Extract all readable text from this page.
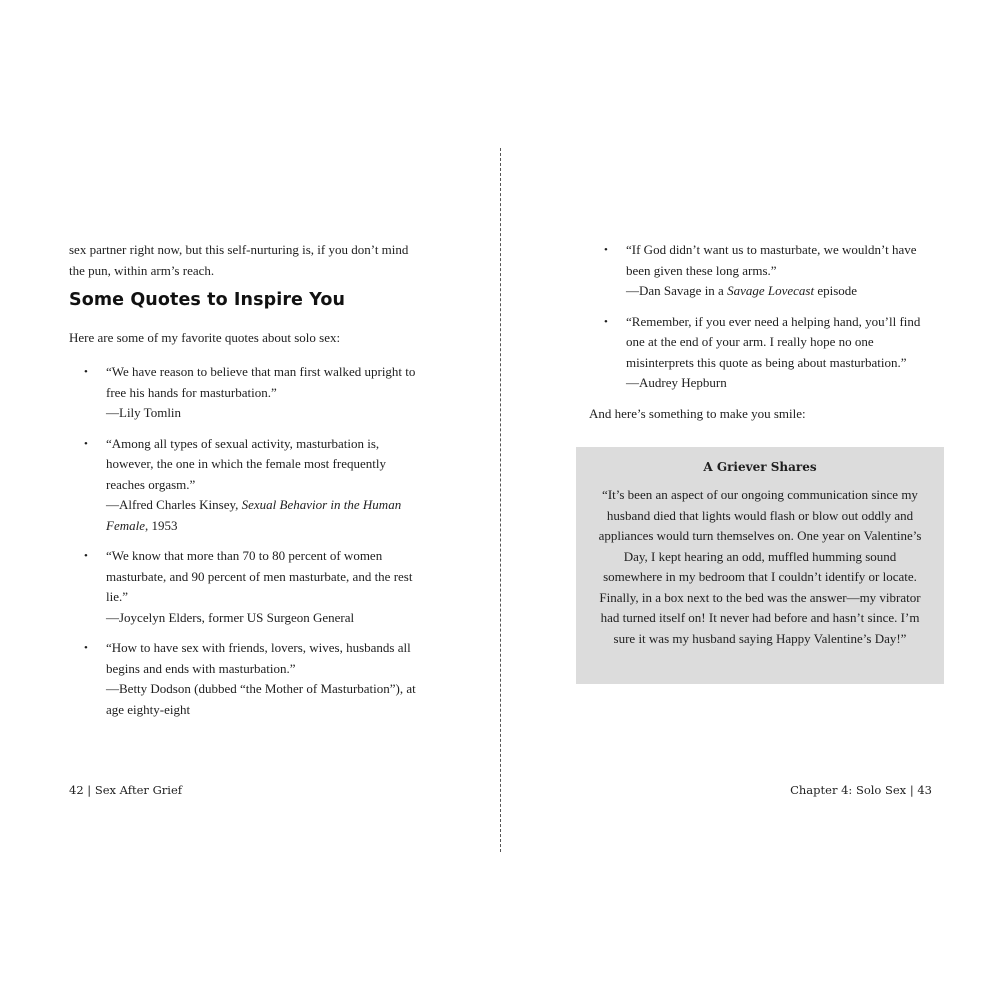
sex partner right now, but this self-nurturing is, if you don’t mind the pun, within arm’s reach.

Some Quotes to Inspire You

Here are some of my favorite quotes about solo sex:

• “We have reason to believe that man first walked upright to free his hands for masturbation.”
—Lily Tomlin
• “Among all types of sexual activity, masturbation is, however, the one in which the female most frequently reaches orgasm.”
—Alfred Charles Kinsey, Sexual Behavior in the Human Female, 1953
• “We know that more than 70 to 80 percent of women masturbate, and 90 percent of men masturbate, and the rest lie.”
—Joycelyn Elders, former US Surgeon General
• “How to have sex with friends, lovers, wives, husbands all begins and ends with masturbation.”
—Betty Dodson (dubbed “the Mother of Masturbation”), at age eighty-eight
42 | Sex After Grief
• “If God didn’t want us to masturbate, we wouldn’t have been given these long arms.”
—Dan Savage in a Savage Lovecast episode
• “Remember, if you ever need a helping hand, you’ll find one at the end of your arm. I really hope no one misinterprets this quote as being about masturbation.”
—Audrey Hepburn

And here’s something to make you smile:

Chapter 4: Solo Sex | 43

A Griever Shares

“It’s been an aspect of our ongoing communication since my husband died that lights would flash or blow out oddly and appliances would turn themselves on. One year on Valentine’s Day, I kept hearing an odd, muffled humming sound somewhere in my bedroom that I couldn’t identify or locate. Finally, in a box next to the bed was the answer—my vibrator had turned itself on! It never had before and hasn’t since. I’m sure it was my husband saying Happy Valentine’s Day!”
